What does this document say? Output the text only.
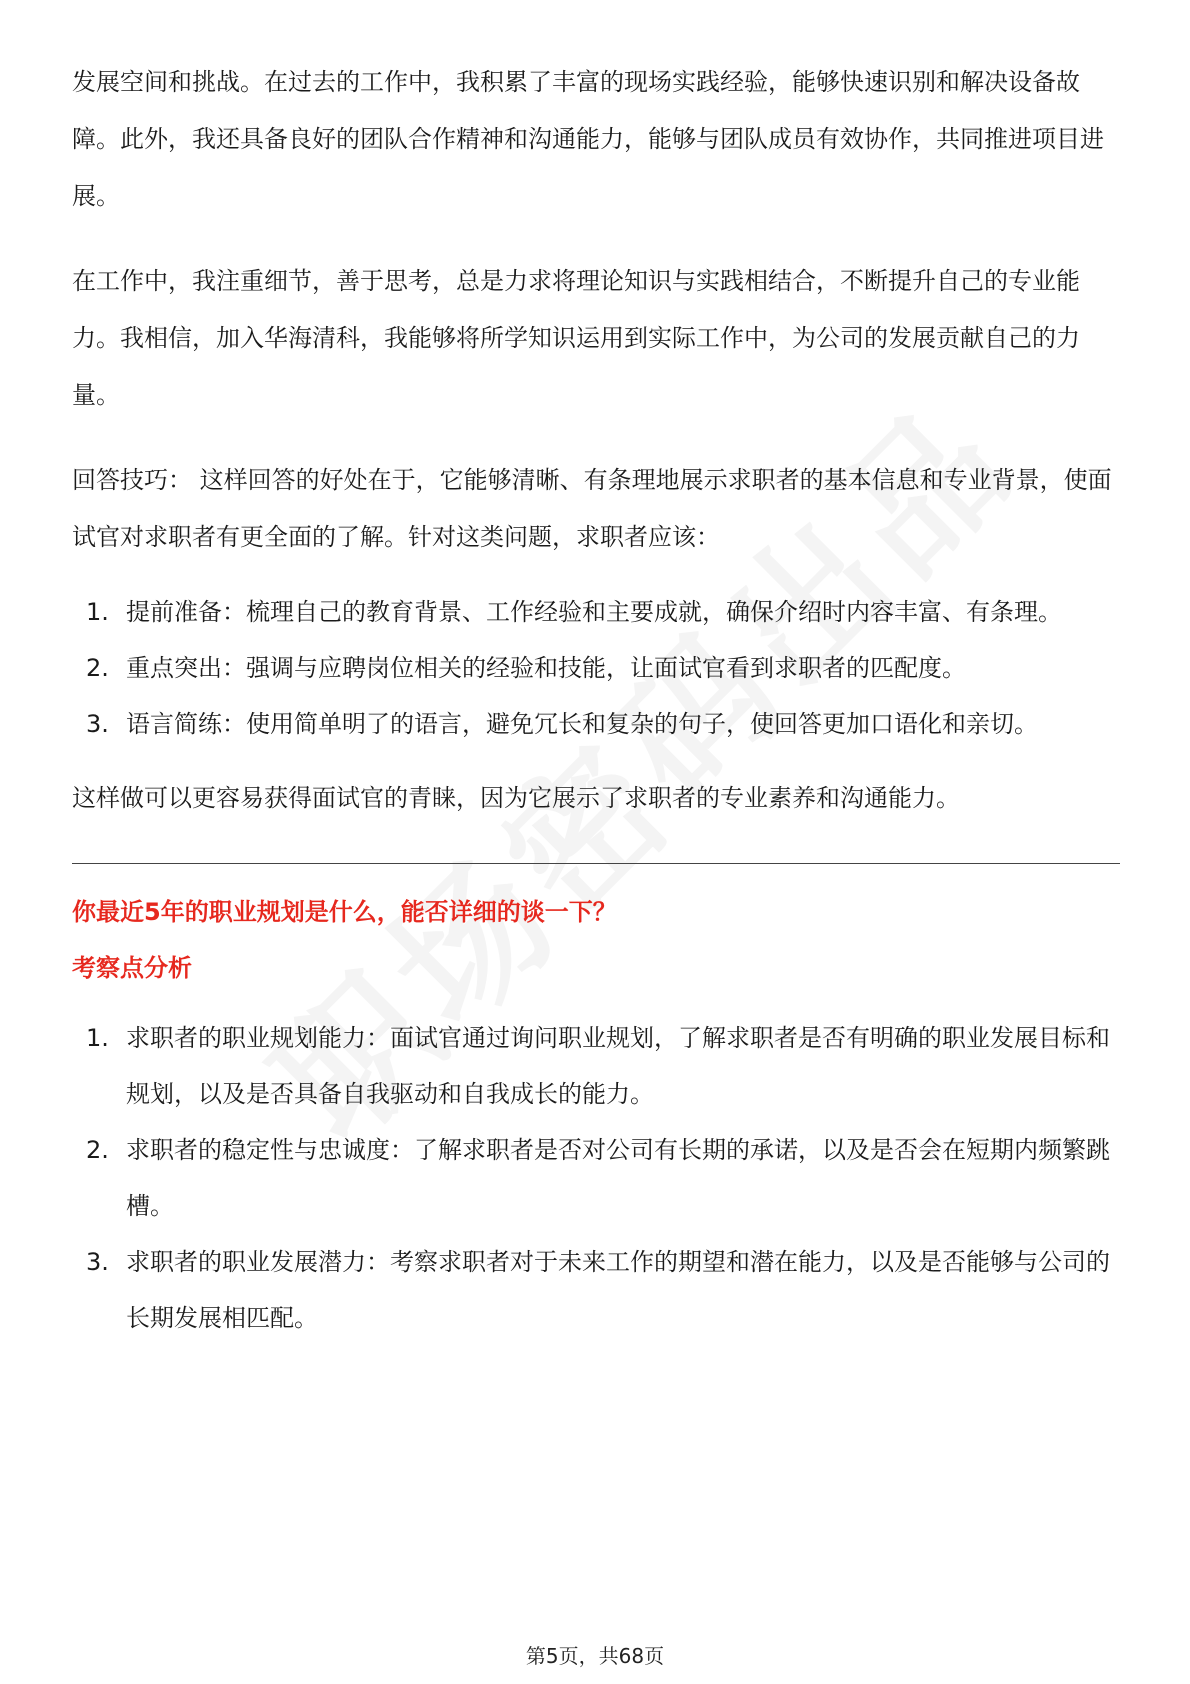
发展空间和挑战。在过去的工作中，我积累了丰富的现场实践经验，能够快速识别和解决设备故障。此外，我还具备良好的团队合作精神和沟通能力，能够与团队成员有效协作，共同推进项目进展。

在工作中，我注重细节，善于思考，总是力求将理论知识与实践相结合，不断提升自己的专业能力。我相信，加入华海清科，我能够将所学知识运用到实际工作中，为公司的发展贡献自己的力量。

回答技巧： 这样回答的好处在于，它能够清晰、有条理地展示求职者的基本信息和专业背景，使面试官对求职者有更全面的了解。针对这类问题，求职者应该：

1. 提前准备：梳理自己的教育背景、工作经验和主要成就，确保介绍时内容丰富、有条理。
2. 重点突出：强调与应聘岗位相关的经验和技能，让面试官看到求职者的匹配度。
3. 语言简练：使用简单明了的语言，避免冗长和复杂的句子，使回答更加口语化和亲切。

这样做可以更容易获得面试官的青睐，因为它展示了求职者的专业素养和沟通能力。

你最近5年的职业规划是什么，能否详细的谈一下？

考察点分析

1. 求职者的职业规划能力：面试官通过询问职业规划，了解求职者是否有明确的职业发展目标和规划，以及是否具备自我驱动和自我成长的能力。
2. 求职者的稳定性与忠诚度：了解求职者是否对公司有长期的承诺，以及是否会在短期内频繁跳槽。
3. 求职者的职业发展潜力：考察求职者对于未来工作的期望和潜在能力，以及是否能够与公司的长期发展相匹配。
第5页，共68页
